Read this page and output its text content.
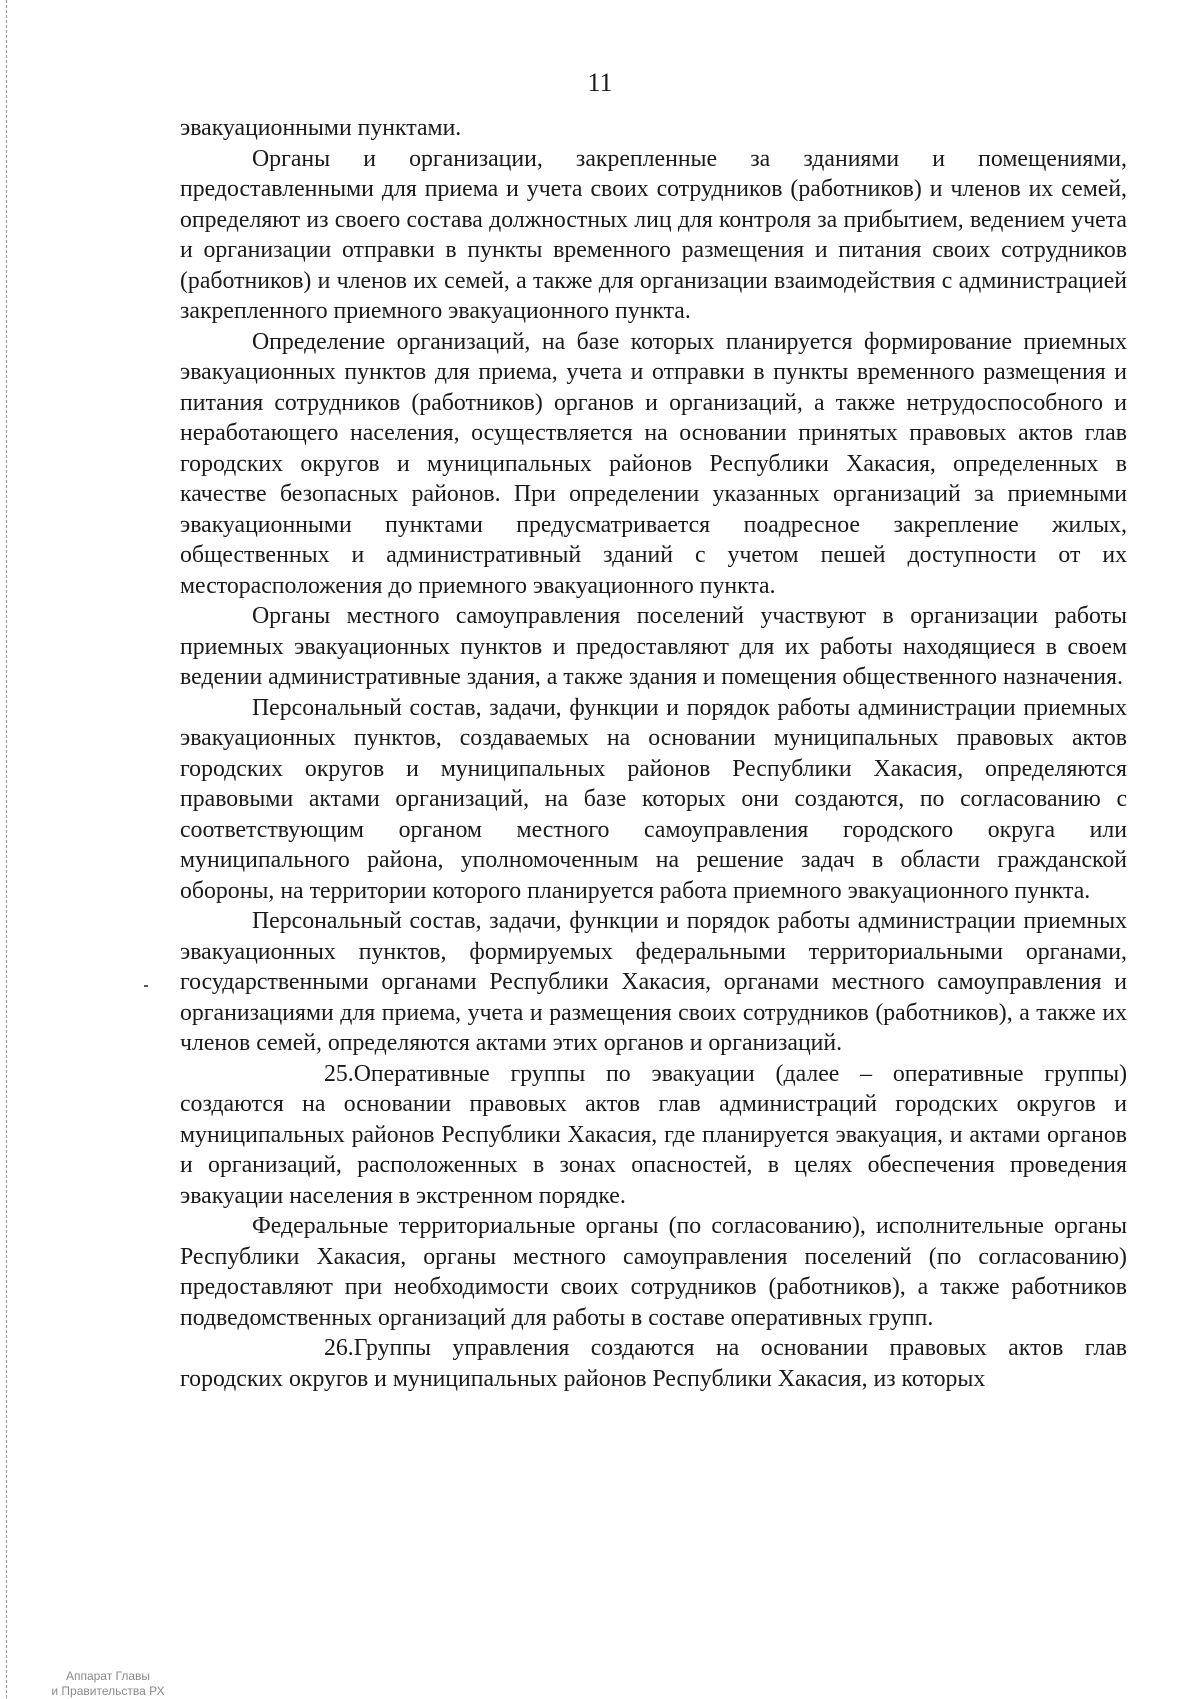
11

эвакуационными пунктами.

Органы и организации, закрепленные за зданиями и помещениями, предоставленными для приема и учета своих сотрудников (работников) и членов их семей, определяют из своего состава должностных лиц для контроля за прибытием, ведением учета и организации отправки в пункты временного размещения и питания своих сотрудников (работников) и членов их семей, а также для организации взаимодействия с администрацией закрепленного приемного эвакуационного пункта.

Определение организаций, на базе которых планируется формирование приемных эвакуационных пунктов для приема, учета и отправки в пункты временного размещения и питания сотрудников (работников) органов и организаций, а также нетрудоспособного и неработающего населения, осуществляется на основании принятых правовых актов глав городских округов и муниципальных районов Республики Хакасия, определенных в качестве безопасных районов. При определении указанных организаций за приемными эвакуационными пунктами предусматривается поадресное закрепление жилых, общественных и административный зданий с учетом пешей доступности от их месторасположения до приемного эвакуационного пункта.

Органы местного самоуправления поселений участвуют в организации работы приемных эвакуационных пунктов и предоставляют для их работы находящиеся в своем ведении административные здания, а также здания и помещения общественного назначения.

Персональный состав, задачи, функции и порядок работы администрации приемных эвакуационных пунктов, создаваемых на основании муниципальных правовых актов городских округов и муниципальных районов Республики Хакасия, определяются правовыми актами организаций, на базе которых они создаются, по согласованию с соответствующим органом местного самоуправления городского округа или муниципального района, уполномоченным на решение задач в области гражданской обороны, на территории которого планируется работа приемного эвакуационного пункта.

Персональный состав, задачи, функции и порядок работы администрации приемных эвакуационных пунктов, формируемых федеральными территориальными органами, государственными органами Республики Хакасия, органами местного самоуправления и организациями для приема, учета и размещения своих сотрудников (работников), а также их членов семей, определяются актами этих органов и организаций.

25.Оперативные группы по эвакуации (далее – оперативные группы) создаются на основании правовых актов глав администраций городских округов и муниципальных районов Республики Хакасия, где планируется эвакуация, и актами органов и организаций, расположенных в зонах опасностей, в целях обеспечения проведения эвакуации населения в экстренном порядке.

Федеральные территориальные органы (по согласованию), исполнительные органы Республики Хакасия, органы местного самоуправления поселений (по согласованию) предоставляют при необходимости своих сотрудников (работников), а также работников подведомственных организаций для работы в составе оперативных групп.

26.Группы управления создаются на основании правовых актов глав городских округов и муниципальных районов Республики Хакасия, из которых

Аппарат Главы
и Правительства РХ
